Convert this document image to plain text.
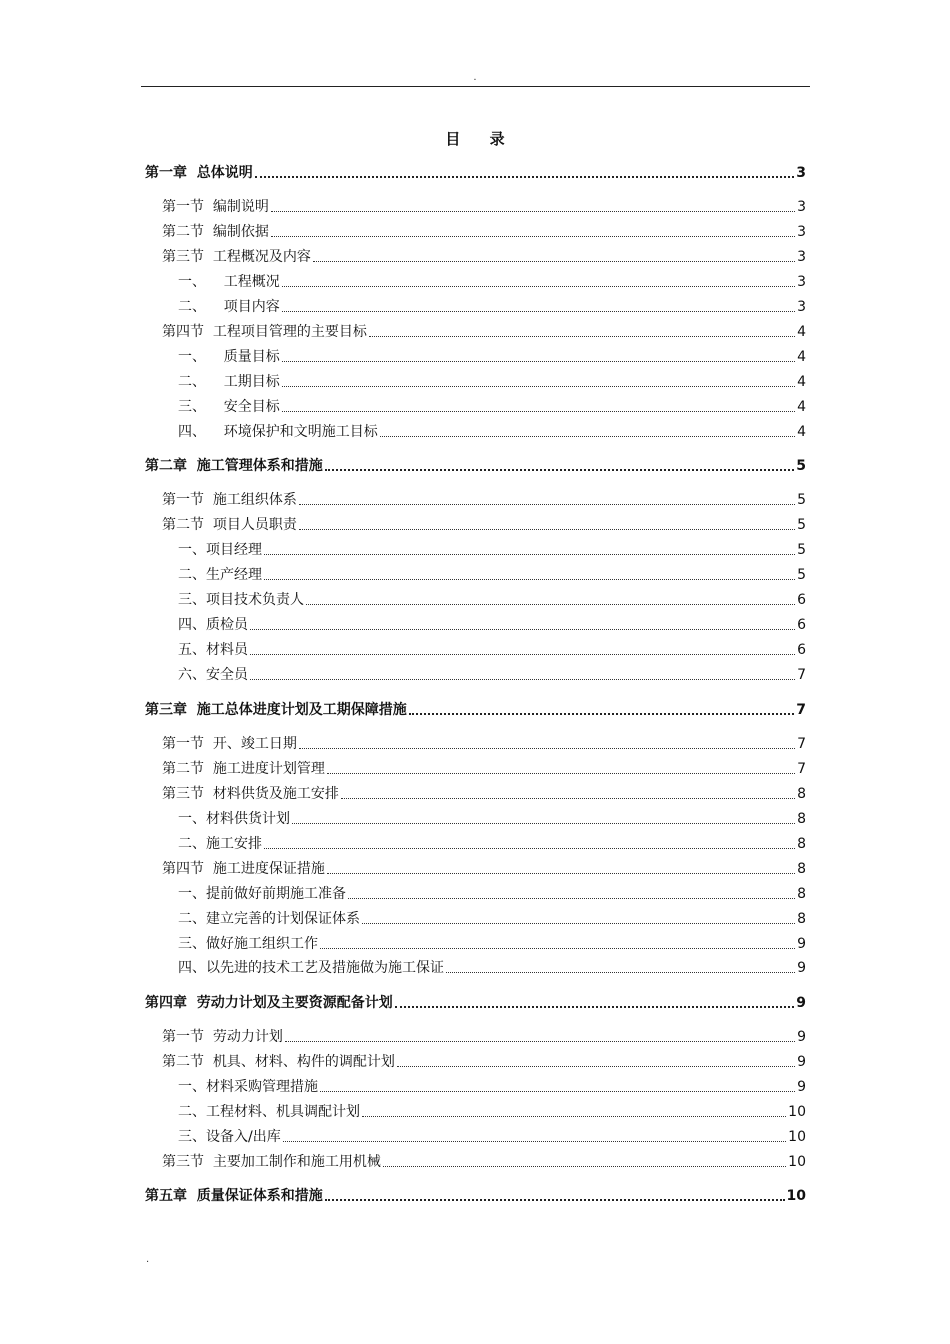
.
目 录
第一章  总体说明	3
第一节  编制说明	3
第二节  编制依据	3
第三节  工程概况及内容	3
一、    工程概况	3
二、    项目内容	3
第四节  工程项目管理的主要目标	4
一、    质量目标	4
二、    工期目标	4
三、    安全目标	4
四、    环境保护和文明施工目标	4
第二章  施工管理体系和措施	5
第一节  施工组织体系	5
第二节  项目人员职责	5
一、项目经理	5
二、生产经理	5
三、项目技术负责人	6
四、质检员	6
五、材料员	6
六、安全员	7
第三章  施工总体进度计划及工期保障措施	7
第一节  开、竣工日期	7
第二节  施工进度计划管理	7
第三节  材料供货及施工安排	8
一、材料供货计划	8
二、施工安排	8
第四节  施工进度保证措施	8
一、提前做好前期施工准备	8
二、建立完善的计划保证体系	8
三、做好施工组织工作	9
四、以先进的技术工艺及措施做为施工保证	9
第四章  劳动力计划及主要资源配备计划	9
第一节  劳动力计划	9
第二节  机具、材料、构件的调配计划	9
一、材料采购管理措施	9
二、工程材料、机具调配计划	10
三、设备入/出库	10
第三节  主要加工制作和施工用机械	10
第五章  质量保证体系和措施	10
.
